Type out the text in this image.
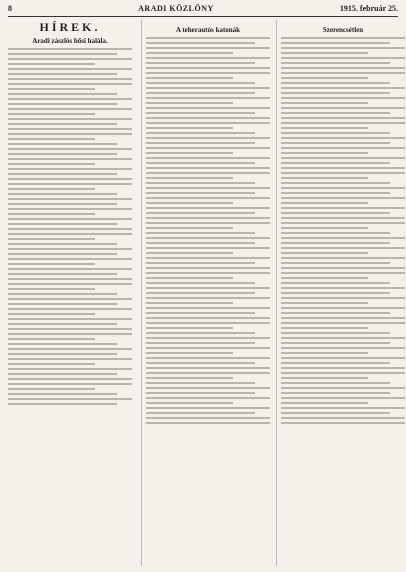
8	ARADI KÖZLÖNY	1915. február 25.
HÍREK.
Aradi zászlós hősi halála.
A teherautós katonák	Szerencsétlen
